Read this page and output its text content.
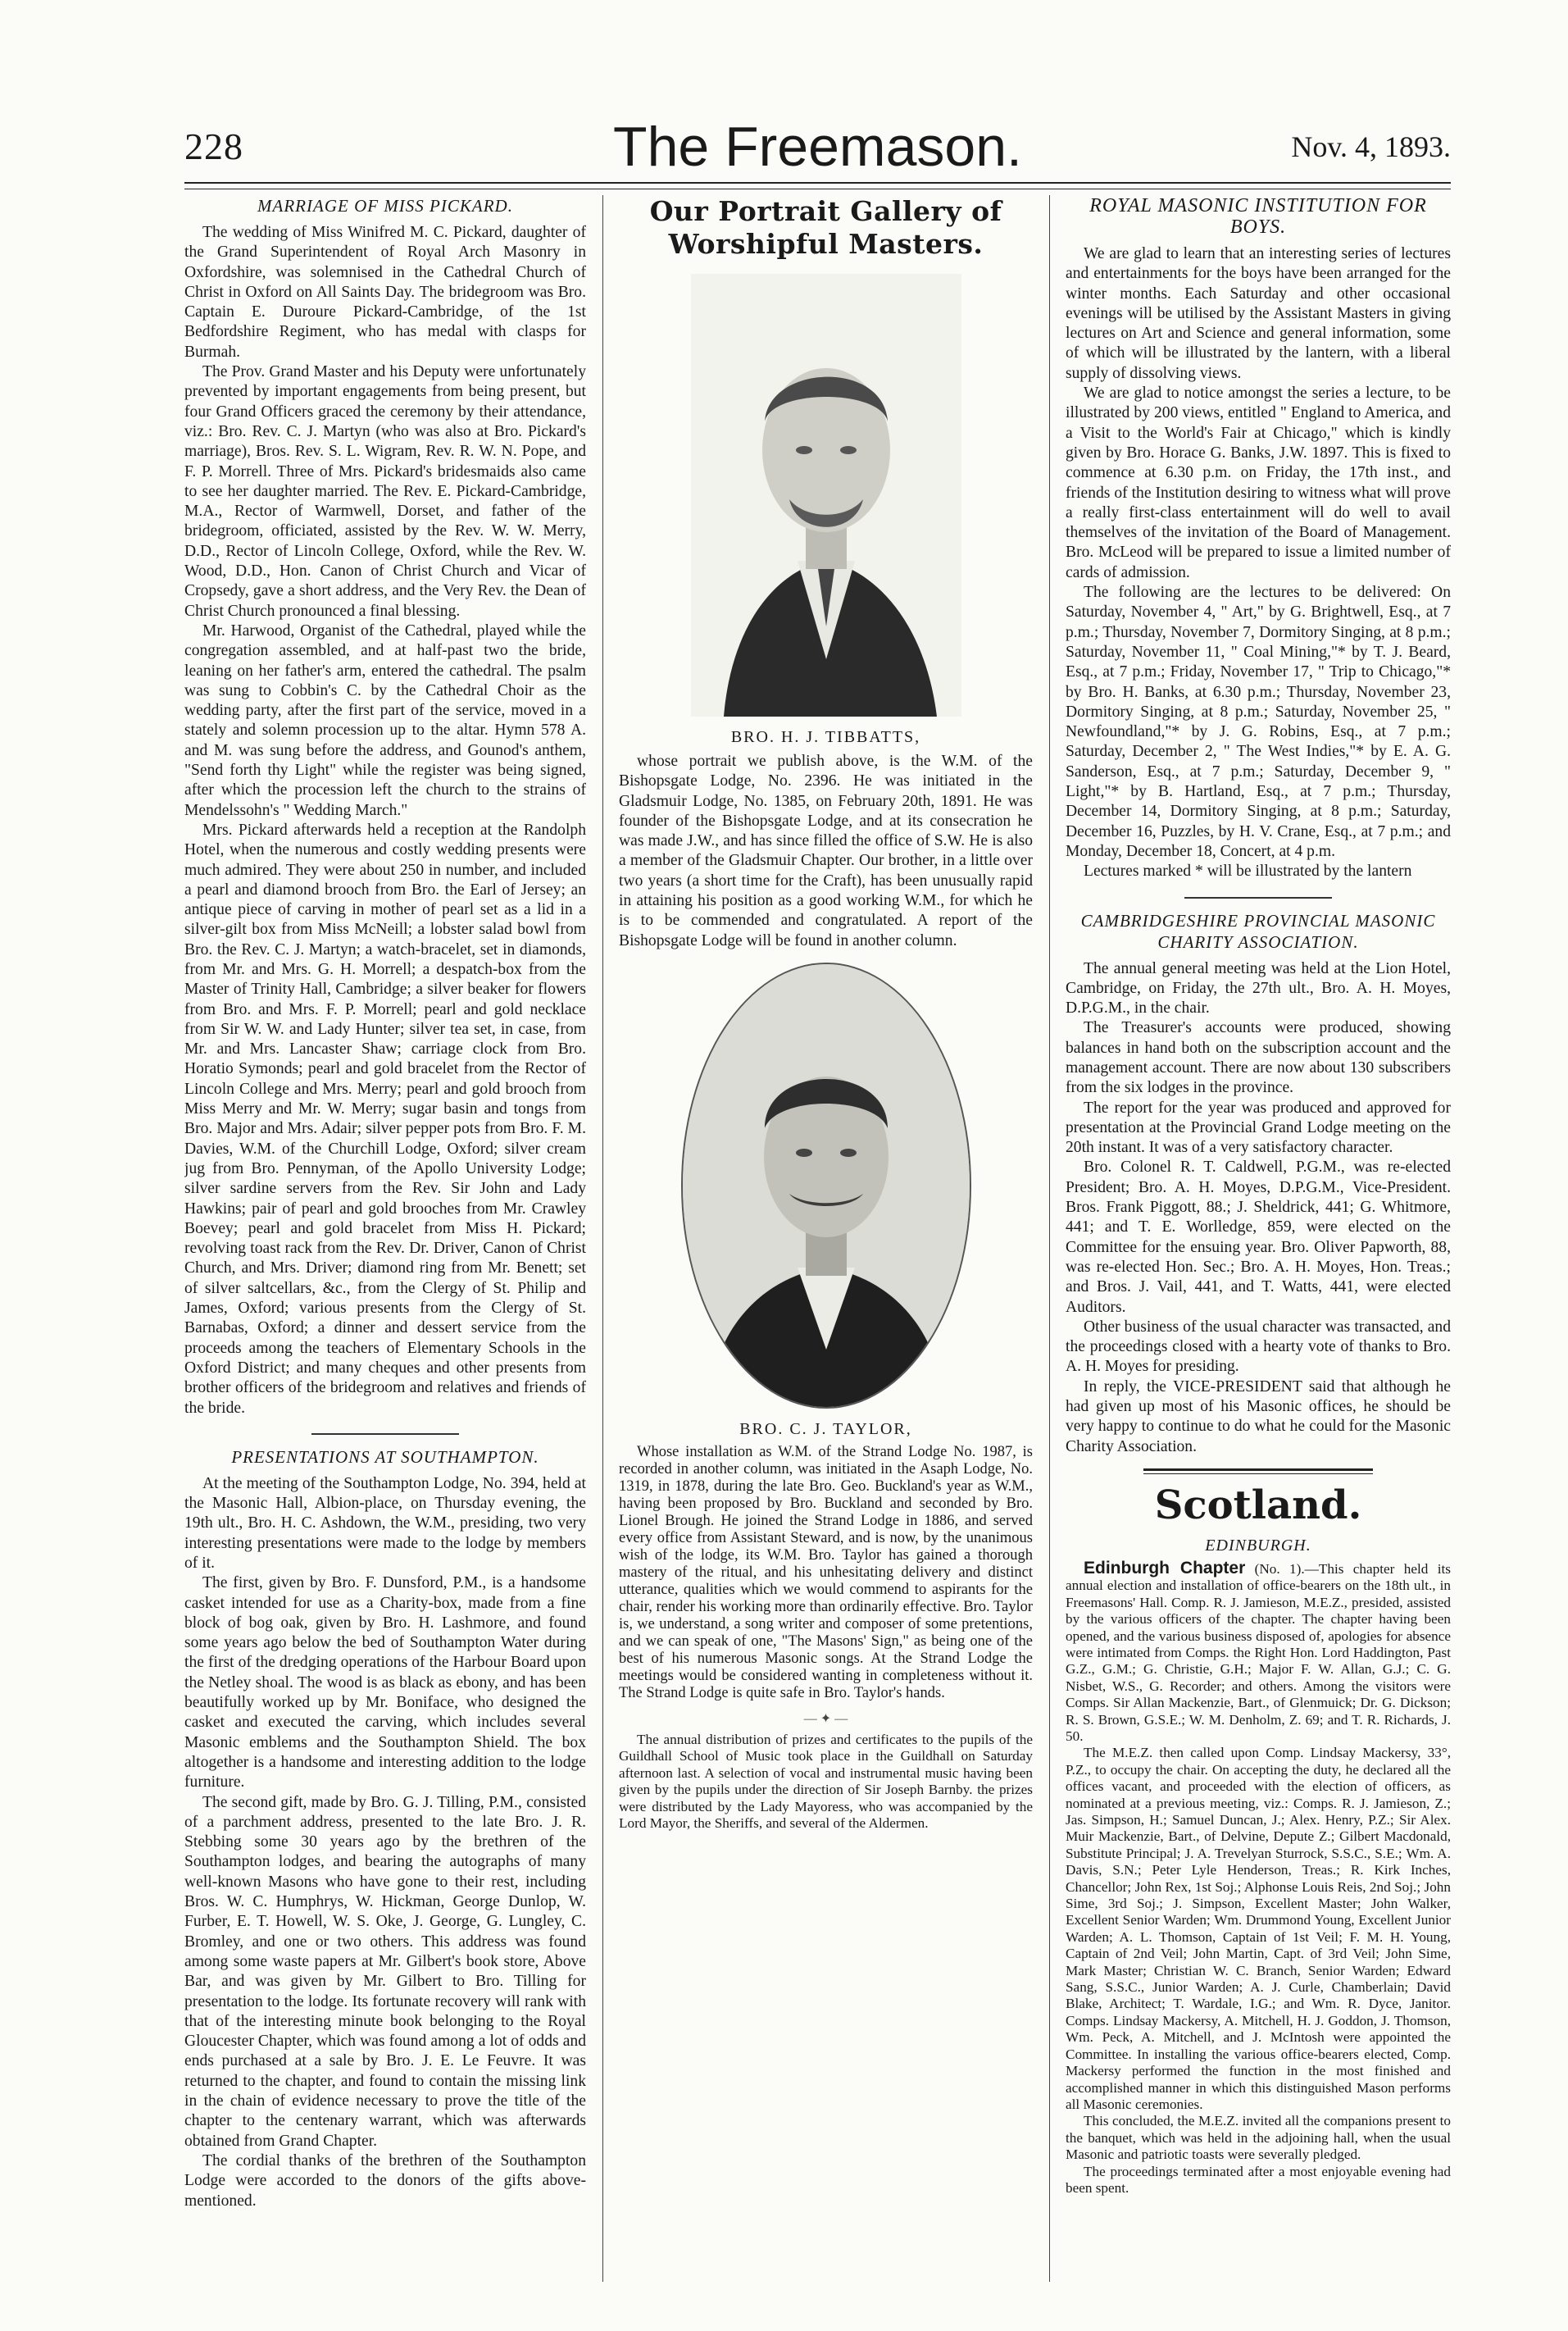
228	The Freemason.	Nov. 4, 1893.
MARRIAGE OF MISS PICKARD.

The wedding of Miss Winifred M. C. Pickard, daughter of the Grand Superintendent of Royal Arch Masonry in Oxfordshire, was solemnised in the Cathedral Church of Christ in Oxford on All Saints Day. The bridegroom was Bro. Captain E. Duroure Pickard-Cambridge, of the 1st Bedfordshire Regiment, who has medal with clasps for Burmah.

The Prov. Grand Master and his Deputy were unfortunately prevented by important engagements from being present, but four Grand Officers graced the ceremony by their attendance, viz.: Bro. Rev. C. J. Martyn (who was also at Bro. Pickard's marriage), Bros. Rev. S. L. Wigram, Rev. R. W. N. Pope, and F. P. Morrell. Three of Mrs. Pickard's bridesmaids also came to see her daughter married. The Rev. E. Pickard-Cambridge, M.A., Rector of Warmwell, Dorset, and father of the bridegroom, officiated, assisted by the Rev. W. W. Merry, D.D., Rector of Lincoln College, Oxford, while the Rev. W. Wood, D.D., Hon. Canon of Christ Church and Vicar of Cropsedy, gave a short address, and the Very Rev. the Dean of Christ Church pronounced a final blessing.

Mr. Harwood, Organist of the Cathedral, played while the congregation assembled, and at half-past two the bride, leaning on her father's arm, entered the cathedral. The psalm was sung to Cobbin's C. by the Cathedral Choir as the wedding party, after the first part of the service, moved in a stately and solemn procession up to the altar. Hymn 578 A. and M. was sung before the address, and Gounod's anthem, "Send forth thy Light" while the register was being signed, after which the procession left the church to the strains of Mendelssohn's " Wedding March."

Mrs. Pickard afterwards held a reception at the Randolph Hotel, when the numerous and costly wedding presents were much admired. They were about 250 in number, and included a pearl and diamond brooch from Bro. the Earl of Jersey; an antique piece of carving in mother of pearl set as a lid in a silver-gilt box from Miss McNeill; a lobster salad bowl from Bro. the Rev. C. J. Martyn; a watch-bracelet, set in diamonds, from Mr. and Mrs. G. H. Morrell; a despatch-box from the Master of Trinity Hall, Cambridge; a silver beaker for flowers from Bro. and Mrs. F. P. Morrell; pearl and gold necklace from Sir W. W. and Lady Hunter; silver tea set, in case, from Mr. and Mrs. Lancaster Shaw; carriage clock from Bro. Horatio Symonds; pearl and gold bracelet from the Rector of Lincoln College and Mrs. Merry; pearl and gold brooch from Miss Merry and Mr. W. Merry; sugar basin and tongs from Bro. Major and Mrs. Adair; silver pepper pots from Bro. F. M. Davies, W.M. of the Churchill Lodge, Oxford; silver cream jug from Bro. Pennyman, of the Apollo University Lodge; silver sardine servers from the Rev. Sir John and Lady Hawkins; pair of pearl and gold brooches from Mr. Crawley Boevey; pearl and gold bracelet from Miss H. Pickard; revolving toast rack from the Rev. Dr. Driver, Canon of Christ Church, and Mrs. Driver; diamond ring from Mr. Benett; set of silver saltcellars, &c., from the Clergy of St. Philip and James, Oxford; various presents from the Clergy of St. Barnabas, Oxford; a dinner and dessert service from the proceeds among the teachers of Elementary Schools in the Oxford District; and many cheques and other presents from brother officers of the bridegroom and relatives and friends of the bride.

PRESENTATIONS AT SOUTHAMPTON.

At the meeting of the Southampton Lodge, No. 394, held at the Masonic Hall, Albion-place, on Thursday evening, the 19th ult., Bro. H. C. Ashdown, the W.M., presiding, two very interesting presentations were made to the lodge by members of it.

The first, given by Bro. F. Dunsford, P.M., is a handsome casket intended for use as a Charity-box, made from a fine block of bog oak, given by Bro. H. Lashmore, and found some years ago below the bed of Southampton Water during the first of the dredging operations of the Harbour Board upon the Netley shoal. The wood is as black as ebony, and has been beautifully worked up by Mr. Boniface, who designed the casket and executed the carving, which includes several Masonic emblems and the Southampton Shield. The box altogether is a handsome and interesting addition to the lodge furniture.

The second gift, made by Bro. G. J. Tilling, P.M., consisted of a parchment address, presented to the late Bro. J. R. Stebbing some 30 years ago by the brethren of the Southampton lodges, and bearing the autographs of many well-known Masons who have gone to their rest, including Bros. W. C. Humphrys, W. Hickman, George Dunlop, W. Furber, E. T. Howell, W. S. Oke, J. George, G. Lungley, C. Bromley, and one or two others. This address was found among some waste papers at Mr. Gilbert's book store, Above Bar, and was given by Mr. Gilbert to Bro. Tilling for presentation to the lodge. Its fortunate recovery will rank with that of the interesting minute book belonging to the Royal Gloucester Chapter, which was found among a lot of odds and ends purchased at a sale by Bro. J. E. Le Feuvre. It was returned to the chapter, and found to contain the missing link in the chain of evidence necessary to prove the title of the chapter to the centenary warrant, which was afterwards obtained from Grand Chapter.

The cordial thanks of the brethren of the Southampton Lodge were accorded to the donors of the gifts above-mentioned.

Our Portrait Gallery of Worshipful Masters.
BRO. H. J. TIBBATTS,

whose portrait we publish above, is the W.M. of the Bishopsgate Lodge, No. 2396. He was initiated in the Gladsmuir Lodge, No. 1385, on February 20th, 1891. He was founder of the Bishopsgate Lodge, and at its consecration he was made J.W., and has since filled the office of S.W. He is also a member of the Gladsmuir Chapter. Our brother, in a little over two years (a short time for the Craft), has been unusually rapid in attaining his position as a good working W.M., for which he is to be commended and congratulated. A report of the Bishopsgate Lodge will be found in another column.

BRO. C. J. TAYLOR,

Whose installation as W.M. of the Strand Lodge No. 1987, is recorded in another column, was initiated in the Asaph Lodge, No. 1319, in 1878, during the late Bro. Geo. Buckland's year as W.M., having been proposed by Bro. Buckland and seconded by Bro. Lionel Brough. He joined the Strand Lodge in 1886, and served every office from Assistant Steward, and is now, by the unanimous wish of the lodge, its W.M. Bro. Taylor has gained a thorough mastery of the ritual, and his unhesitating delivery and distinct utterance, qualities which we would commend to aspirants for the chair, render his working more than ordinarily effective. Bro. Taylor is, we understand, a song writer and composer of some pretentions, and we can speak of one, "The Masons' Sign," as being one of the best of his numerous Masonic songs. At the Strand Lodge the meetings would be considered wanting in completeness without it. The Strand Lodge is quite safe in Bro. Taylor's hands.

— ✦ —

The annual distribution of prizes and certificates to the pupils of the Guildhall School of Music took place in the Guildhall on Saturday afternoon last. A selection of vocal and instrumental music having been given by the pupils under the direction of Sir Joseph Barnby. the prizes were distributed by the Lady Mayoress, who was accompanied by the Lord Mayor, the Sheriffs, and several of the Aldermen.

ROYAL MASONIC INSTITUTION FOR BOYS.

We are glad to learn that an interesting series of lectures and entertainments for the boys have been arranged for the winter months. Each Saturday and other occasional evenings will be utilised by the Assistant Masters in giving lectures on Art and Science and general information, some of which will be illustrated by the lantern, with a liberal supply of dissolving views.

We are glad to notice amongst the series a lecture, to be illustrated by 200 views, entitled " England to America, and a Visit to the World's Fair at Chicago," which is kindly given by Bro. Horace G. Banks, J.W. 1897. This is fixed to commence at 6.30 p.m. on Friday, the 17th inst., and friends of the Institution desiring to witness what will prove a really first-class entertainment will do well to avail themselves of the invitation of the Board of Management. Bro. McLeod will be prepared to issue a limited number of cards of admission.

The following are the lectures to be delivered: On Saturday, November 4, " Art," by G. Brightwell, Esq., at 7 p.m.; Thursday, November 7, Dormitory Singing, at 8 p.m.; Saturday, November 11, " Coal Mining,"* by T. J. Beard, Esq., at 7 p.m.; Friday, November 17, " Trip to Chicago,"* by Bro. H. Banks, at 6.30 p.m.; Thursday, November 23, Dormitory Singing, at 8 p.m.; Saturday, November 25, " Newfoundland,"* by J. G. Robins, Esq., at 7 p.m.; Saturday, December 2, " The West Indies,"* by E. A. G. Sanderson, Esq., at 7 p.m.; Saturday, December 9, " Light,"* by B. Hartland, Esq., at 7 p.m.; Thursday, December 14, Dormitory Singing, at 8 p.m.; Saturday, December 16, Puzzles, by H. V. Crane, Esq., at 7 p.m.; and Monday, December 18, Concert, at 4 p.m.

Lectures marked * will be illustrated by the lantern

CAMBRIDGESHIRE PROVINCIAL MASONIC CHARITY ASSOCIATION.

The annual general meeting was held at the Lion Hotel, Cambridge, on Friday, the 27th ult., Bro. A. H. Moyes, D.P.G.M., in the chair.

The Treasurer's accounts were produced, showing balances in hand both on the subscription account and the management account. There are now about 130 subscribers from the six lodges in the province.

The report for the year was produced and approved for presentation at the Provincial Grand Lodge meeting on the 20th instant. It was of a very satisfactory character.

Bro. Colonel R. T. Caldwell, P.G.M., was re-elected President; Bro. A. H. Moyes, D.P.G.M., Vice-President. Bros. Frank Piggott, 88.; J. Sheldrick, 441; G. Whitmore, 441; and T. E. Worlledge, 859, were elected on the Committee for the ensuing year. Bro. Oliver Papworth, 88, was re-elected Hon. Sec.; Bro. A. H. Moyes, Hon. Treas.; and Bros. J. Vail, 441, and T. Watts, 441, were elected Auditors.

Other business of the usual character was transacted, and the proceedings closed with a hearty vote of thanks to Bro. A. H. Moyes for presiding.

In reply, the VICE-PRESIDENT said that although he had given up most of his Masonic offices, he should be very happy to continue to do what he could for the Masonic Charity Association.

Scotland.
EDINBURGH.

Edinburgh Chapter (No. 1).—This chapter held its annual election and installation of office-bearers on the 18th ult., in Freemasons' Hall. Comp. R. J. Jamieson, M.E.Z., presided, assisted by the various officers of the chapter. The chapter having been opened, and the various business disposed of, apologies for absence were intimated from Comps. the Right Hon. Lord Haddington, Past G.Z., G.M.; G. Christie, G.H.; Major F. W. Allan, G.J.; C. G. Nisbet, W.S., G. Recorder; and others. Among the visitors were Comps. Sir Allan Mackenzie, Bart., of Glenmuick; Dr. G. Dickson; R. S. Brown, G.S.E.; W. M. Denholm, Z. 69; and T. R. Richards, J. 50.

The M.E.Z. then called upon Comp. Lindsay Mackersy, 33°, P.Z., to occupy the chair. On accepting the duty, he declared all the offices vacant, and proceeded with the election of officers, as nominated at a previous meeting, viz.: Comps. R. J. Jamieson, Z.; Jas. Simpson, H.; Samuel Duncan, J.; Alex. Henry, P.Z.; Sir Alex. Muir Mackenzie, Bart., of Delvine, Depute Z.; Gilbert Macdonald, Substitute Principal; J. A. Trevelyan Sturrock, S.S.C., S.E.; Wm. A. Davis, S.N.; Peter Lyle Henderson, Treas.; R. Kirk Inches, Chancellor; John Rex, 1st Soj.; Alphonse Louis Reis, 2nd Soj.; John Sime, 3rd Soj.; J. Simpson, Excellent Master; John Walker, Excellent Senior Warden; Wm. Drummond Young, Excellent Junior Warden; A. L. Thomson, Captain of 1st Veil; F. M. H. Young, Captain of 2nd Veil; John Martin, Capt. of 3rd Veil; John Sime, Mark Master; Christian W. C. Branch, Senior Warden; Edward Sang, S.S.C., Junior Warden; A. J. Curle, Chamberlain; David Blake, Architect; T. Wardale, I.G.; and Wm. R. Dyce, Janitor. Comps. Lindsay Mackersy, A. Mitchell, H. J. Goddon, J. Thomson, Wm. Peck, A. Mitchell, and J. McIntosh were appointed the Committee. In installing the various office-bearers elected, Comp. Mackersy performed the function in the most finished and accomplished manner in which this distinguished Mason performs all Masonic ceremonies.

This concluded, the M.E.Z. invited all the companions present to the banquet, which was held in the adjoining hall, when the usual Masonic and patriotic toasts were severally pledged.

The proceedings terminated after a most enjoyable evening had been spent.
